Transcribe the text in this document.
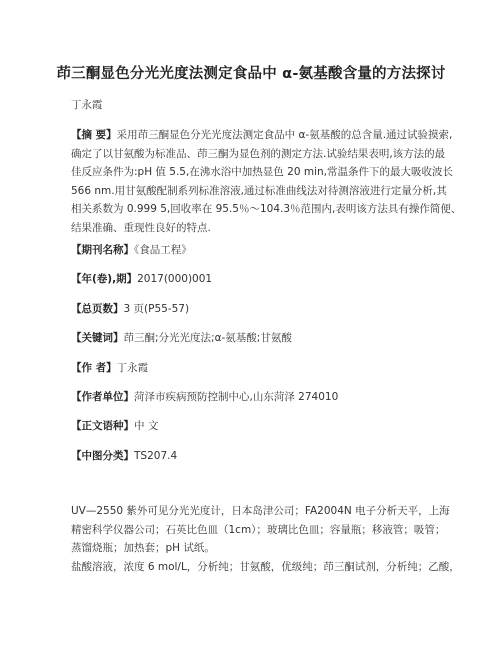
茚三酮显色分光光度法测定食品中 α-氨基酸含量的方法探讨
丁永霞

【摘 要】采用茚三酮显色分光光度法测定食品中 α-氨基酸的总含量.通过试验摸索,

确定了以甘氨酸为标准品、茚三酮为显色剂的测定方法.试验结果表明,该方法的最

佳反应条件为:pH 值 5.5,在沸水浴中加热显色 20 min,常温条件下的最大吸收波长

566 nm.用甘氨酸配制系列标准溶液,通过标准曲线法对待测溶液进行定量分析,其

相关系数为 0.999 5,回收率在 95.5％～104.3％范围内,表明该方法具有操作简便、

结果准确、重现性良好的特点.

【期刊名称】《食品工程》
【年(卷),期】2017(000)001
【总页数】3 页(P55-57)
【关键词】茚三酮;分光光度法;α-氨基酸;甘氨酸
【作 者】丁永霞
【作者单位】菏泽市疾病预防控制中心,山东菏泽 274010
【正文语种】中 文
【中图分类】TS207.4

UV—2550 紫外可见分光光度计，日本岛津公司；FA2004N 电子分析天平，上海

精密科学仪器公司；石英比色皿（1cm）；玻璃比色皿；容量瓶；移液管；吸管；

蒸馏烧瓶；加热套；pH 试纸。

盐酸溶液，浓度 6 mol/L，分析纯；甘氨酸，优级纯；茚三酮试剂，分析纯；乙酸，
